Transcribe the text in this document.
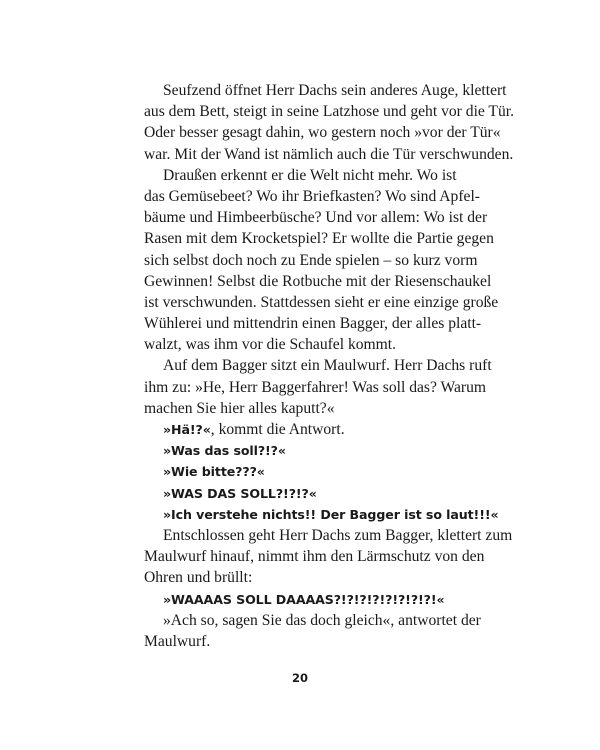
Seufzend öffnet Herr Dachs sein anderes Auge, klettert
aus dem Bett, steigt in seine Latzhose und geht vor die Tür.
Oder besser gesagt dahin, wo gestern noch »vor der Tür«
war. Mit der Wand ist nämlich auch die Tür verschwunden.
Draußen erkennt er die Welt nicht mehr. Wo ist
das Gemüsebeet? Wo ihr Briefkasten? Wo sind Apfel-
bäume und Himbeerbüsche? Und vor allem: Wo ist der
Rasen mit dem Krocketspiel? Er wollte die Partie gegen
sich selbst doch noch zu Ende spielen – so kurz vorm
Gewinnen! Selbst die Rotbuche mit der Riesenschaukel
ist verschwunden. Stattdessen sieht er eine einzige große
Wühlerei und mittendrin einen Bagger, der alles platt-
walzt, was ihm vor die Schaufel kommt.
Auf dem Bagger sitzt ein Maulwurf. Herr Dachs ruft
ihm zu: »He, Herr Baggerfahrer! Was soll das? Warum
machen Sie hier alles kaputt?«
»Hä!?«, kommt die Antwort.
»Was das soll?!?«
»Wie bitte???«
»WAS DAS SOLL?!?!?«
»Ich verstehe nichts!! Der Bagger ist so laut!!!«
Entschlossen geht Herr Dachs zum Bagger, klettert zum
Maulwurf hinauf, nimmt ihm den Lärmschutz von den
Ohren und brüllt:
»WAAAAS SOLL DAAAAS?!?!?!?!?!?!?!?!«
»Ach so, sagen Sie das doch gleich«, antwortet der
Maulwurf.
20
